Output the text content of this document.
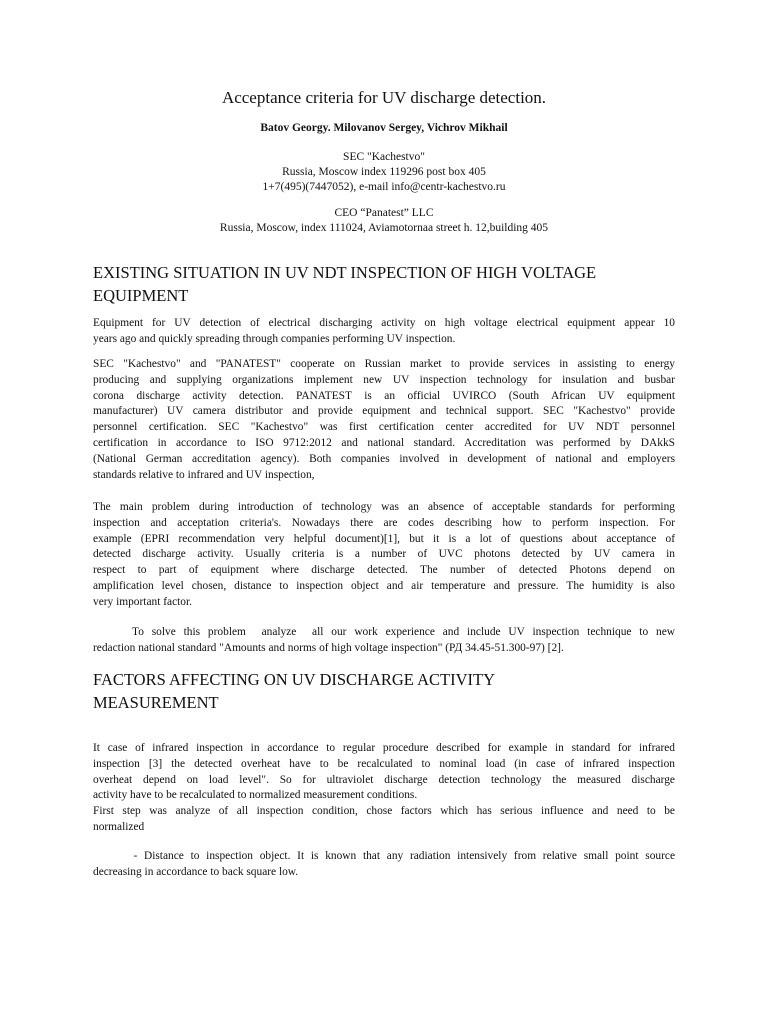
Acceptance criteria for UV discharge detection.
Batov Georgy. Milovanov Sergey, Vichrov Mikhail
SEC "Kachestvo"
Russia, Moscow index 119296 post box 405
1+7(495)(7447052), e-mail info@centr-kachestvo.ru
CEO “Panatest” LLC
Russia, Moscow, index 111024, Aviamotornaa street h. 12,building 405
EXISTING SITUATION IN UV NDT INSPECTION OF HIGH VOLTAGE
EQUIPMENT
Equipment for UV detection of electrical discharging activity on high voltage electrical equipment appear 10
years ago and quickly spreading through companies performing UV inspection.
SEC "Kachestvo" and "PANATEST" cooperate on Russian market to provide services in assisting to energy
producing and supplying organizations implement new UV inspection technology for insulation and busbar
corona discharge activity detection. PANATEST is an official UVIRCO (South African UV equipment
manufacturer) UV camera distributor and provide equipment and technical support. SEC "Kachestvo" provide
personnel certification. SEC "Kachestvo" was first certification center accredited for UV NDT personnel
certification in accordance to ISO 9712:2012 and national standard. Accreditation was performed by DAkkS
(National German accreditation agency). Both companies involved in development of national and employers
standards relative to infrared and UV inspection,
The main problem during introduction of technology was an absence of acceptable standards for performing
inspection and acceptation criteria's. Nowadays there are codes describing how to perform inspection. For
example (EPRI recommendation very helpful document)[1], but it is a lot of questions about acceptance of
detected discharge activity. Usually criteria is a number of UVC photons detected by UV camera in
respect to part of equipment where discharge detected. The number of detected Photons depend on
amplification level chosen, distance to inspection object and air temperature and pressure. The humidity is also
very important factor.
To solve this problem  analyze  all our work experience and include UV inspection technique to new
redaction national standard "Amounts and norms of high voltage inspection" (РД 34.45-51.300-97) [2].
FACTORS AFFECTING ON UV DISCHARGE ACTIVITY
MEASUREMENT
It case of infrared inspection in accordance to regular procedure described for example in standard for infrared
inspection [3] the detected overheat have to be recalculated to nominal load (in case of infrared inspection
overheat depend on load level". So for ultraviolet discharge detection technology the measured discharge
activity have to be recalculated to normalized measurement conditions.
First step was analyze of all inspection condition, chose factors which has serious influence and need to be
normalized
- Distance to inspection object. It is known that any radiation intensively from relative small point source
decreasing in accordance to back square low.
